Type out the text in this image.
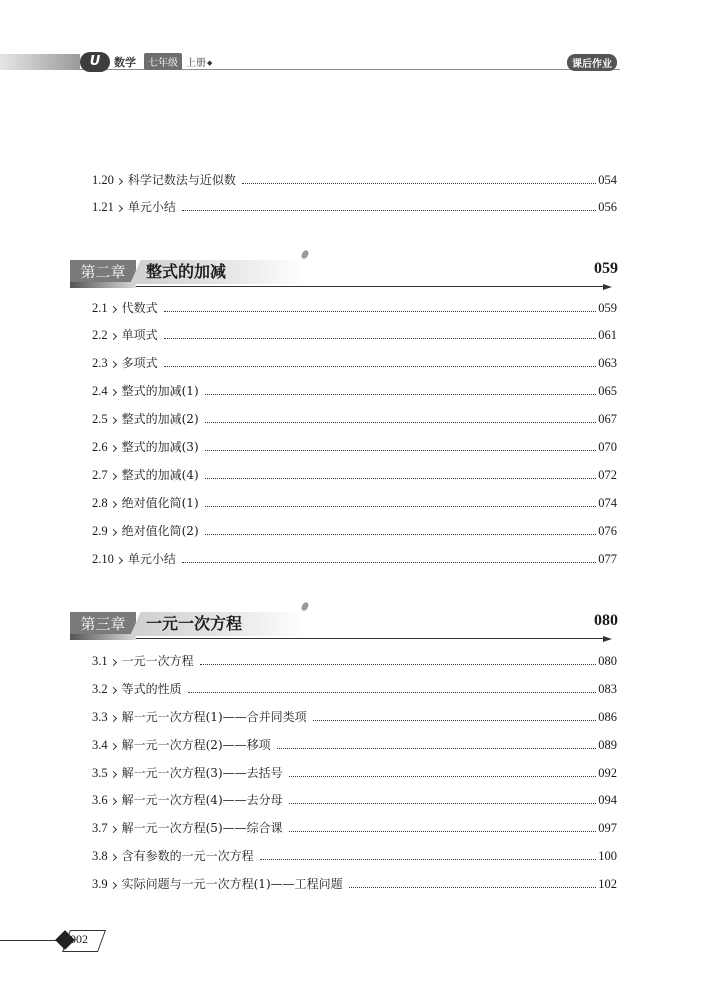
U	数学	七年级 上册◆	课后作业
1.20 科学记数法与近似数	054
1.21 单元小结	056
第二章	整式的加减	059
2.1 代数式	059
2.2 单项式	061
2.3 多项式	063
2.4 整式的加减(1)	065
2.5 整式的加减(2)	067
2.6 整式的加减(3)	070
2.7 整式的加减(4)	072
2.8 绝对值化简(1)	074
2.9 绝对值化简(2)	076
2.10 单元小结	077
第三章	一元一次方程	080
3.1 一元一次方程	080
3.2 等式的性质	083
3.3 解一元一次方程(1)——合并同类项	086
3.4 解一元一次方程(2)——移项	089
3.5 解一元一次方程(3)——去括号	092
3.6 解一元一次方程(4)——去分母	094
3.7 解一元一次方程(5)——综合课	097
3.8 含有参数的一元一次方程	100
3.9 实际问题与一元一次方程(1)——工程问题	102
002
